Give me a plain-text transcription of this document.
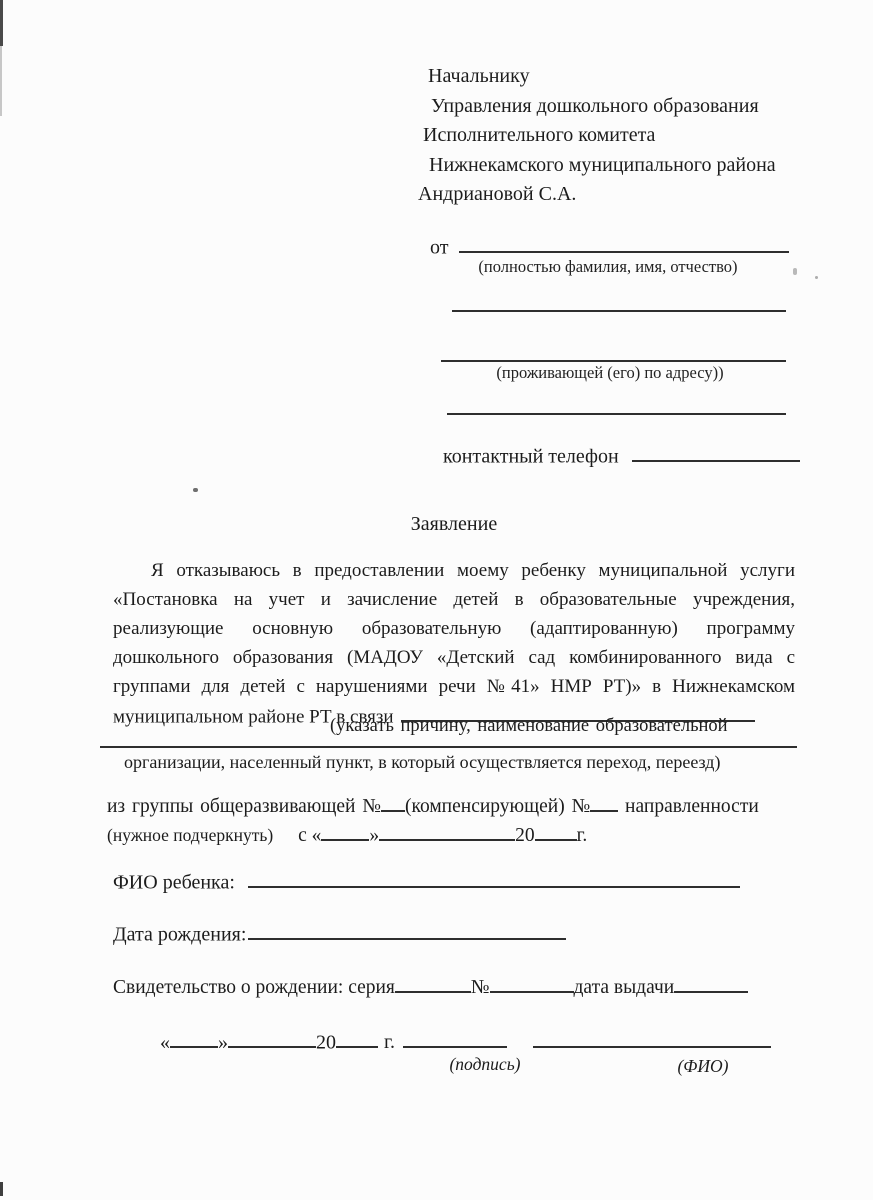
Начальнику
Управления дошкольного образования
Исполнительного комитета
Нижнекамского муниципального района
Андриановой С.А.
от
(полностью фамилия, имя, отчество)
(проживающей (его) по адресу))
контактный телефон
Заявление
Я отказываюсь в предоставлении моему ребенку муниципальной услуги
«Постановка на учет и зачисление детей в образовательные учреждения,
реализующие основную образовательную (адаптированную) программу
дошкольного образования (МАДОУ «Детский сад комбинированного вида с
группами для детей с нарушениями речи №41» НМР РТ)» в Нижнекамском
муниципальном районе РТ в связи
(указать причину, наименование образовательной
организации, населенный пункт, в который осуществляется переход, переезд)
из группы общеразвивающей № (компенсирующей) № направленности
(нужное подчеркнуть) с « »	20 г.
ФИО ребенка:
Дата рождения:
Свидетельство о рождении: серия	№	дата выдачи
« »	20 г.
(подпись)	(ФИО)
